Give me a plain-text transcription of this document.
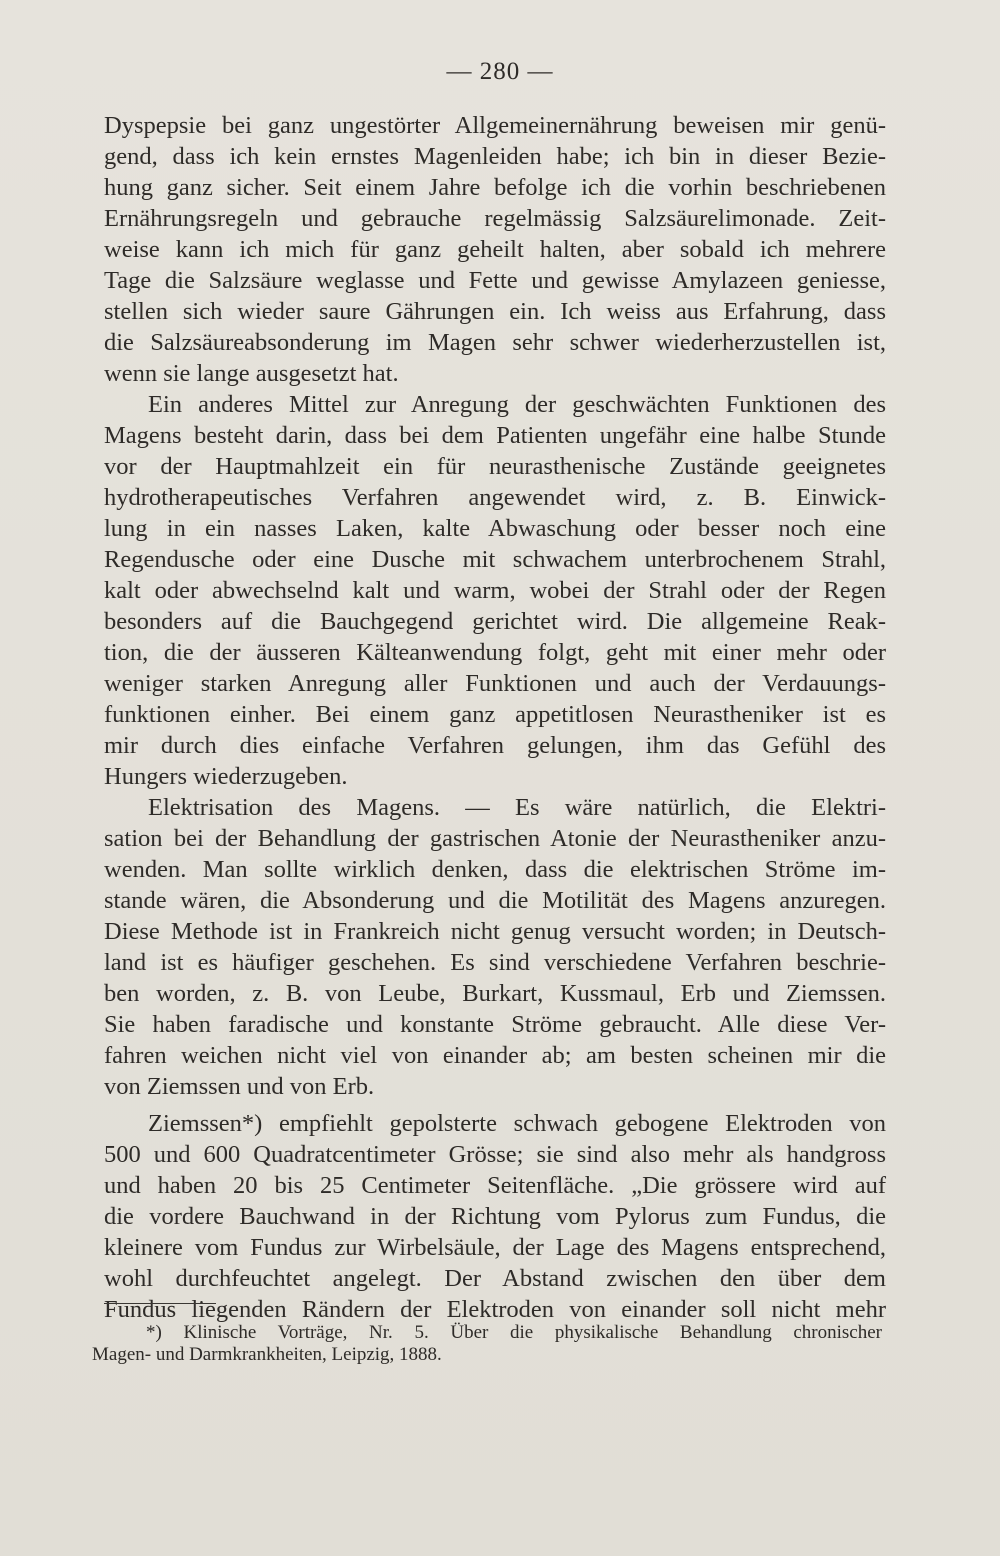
— 280 —
Dyspepsie bei ganz ungestörter Allgemeinernährung beweisen mir genü-
gend, dass ich kein ernstes Magenleiden habe; ich bin in dieser Bezie-
hung ganz sicher. Seit einem Jahre befolge ich die vorhin beschriebenen
Ernährungsregeln und gebrauche regelmässig Salzsäurelimonade. Zeit-
weise kann ich mich für ganz geheilt halten, aber sobald ich mehrere
Tage die Salzsäure weglasse und Fette und gewisse Amylazeen geniesse,
stellen sich wieder saure Gährungen ein. Ich weiss aus Erfahrung, dass
die Salzsäureabsonderung im Magen sehr schwer wiederherzustellen ist,
wenn sie lange ausgesetzt hat.
Ein anderes Mittel zur Anregung der geschwächten Funktionen des
Magens besteht darin, dass bei dem Patienten ungefähr eine halbe Stunde
vor der Hauptmahlzeit ein für neurasthenische Zustände geeignetes
hydrotherapeutisches Verfahren angewendet wird, z. B. Einwick-
lung in ein nasses Laken, kalte Abwaschung oder besser noch eine
Regendusche oder eine Dusche mit schwachem unterbrochenem Strahl,
kalt oder abwechselnd kalt und warm, wobei der Strahl oder der Regen
besonders auf die Bauchgegend gerichtet wird. Die allgemeine Reak-
tion, die der äusseren Kälteanwendung folgt, geht mit einer mehr oder
weniger starken Anregung aller Funktionen und auch der Verdauungs-
funktionen einher. Bei einem ganz appetitlosen Neurastheniker ist es
mir durch dies einfache Verfahren gelungen, ihm das Gefühl des
Hungers wiederzugeben.
Elektrisation des Magens. — Es wäre natürlich, die Elektri-
sation bei der Behandlung der gastrischen Atonie der Neurastheniker anzu-
wenden. Man sollte wirklich denken, dass die elektrischen Ströme im-
stande wären, die Absonderung und die Motilität des Magens anzuregen.
Diese Methode ist in Frankreich nicht genug versucht worden; in Deutsch-
land ist es häufiger geschehen. Es sind verschiedene Verfahren beschrie-
ben worden, z. B. von Leube, Burkart, Kussmaul, Erb und Ziemssen.
Sie haben faradische und konstante Ströme gebraucht. Alle diese Ver-
fahren weichen nicht viel von einander ab; am besten scheinen mir die
von Ziemssen und von Erb.
Ziemssen*) empfiehlt gepolsterte schwach gebogene Elektroden von
500 und 600 Quadratcentimeter Grösse; sie sind also mehr als handgross
und haben 20 bis 25 Centimeter Seitenfläche. „Die grössere wird auf
die vordere Bauchwand in der Richtung vom Pylorus zum Fundus, die
kleinere vom Fundus zur Wirbelsäule, der Lage des Magens entsprechend,
wohl durchfeuchtet angelegt. Der Abstand zwischen den über dem
Fundus liegenden Rändern der Elektroden von einander soll nicht mehr
*) Klinische Vorträge, Nr. 5. Über die physikalische Behandlung chronischer
Magen- und Darmkrankheiten, Leipzig, 1888.
